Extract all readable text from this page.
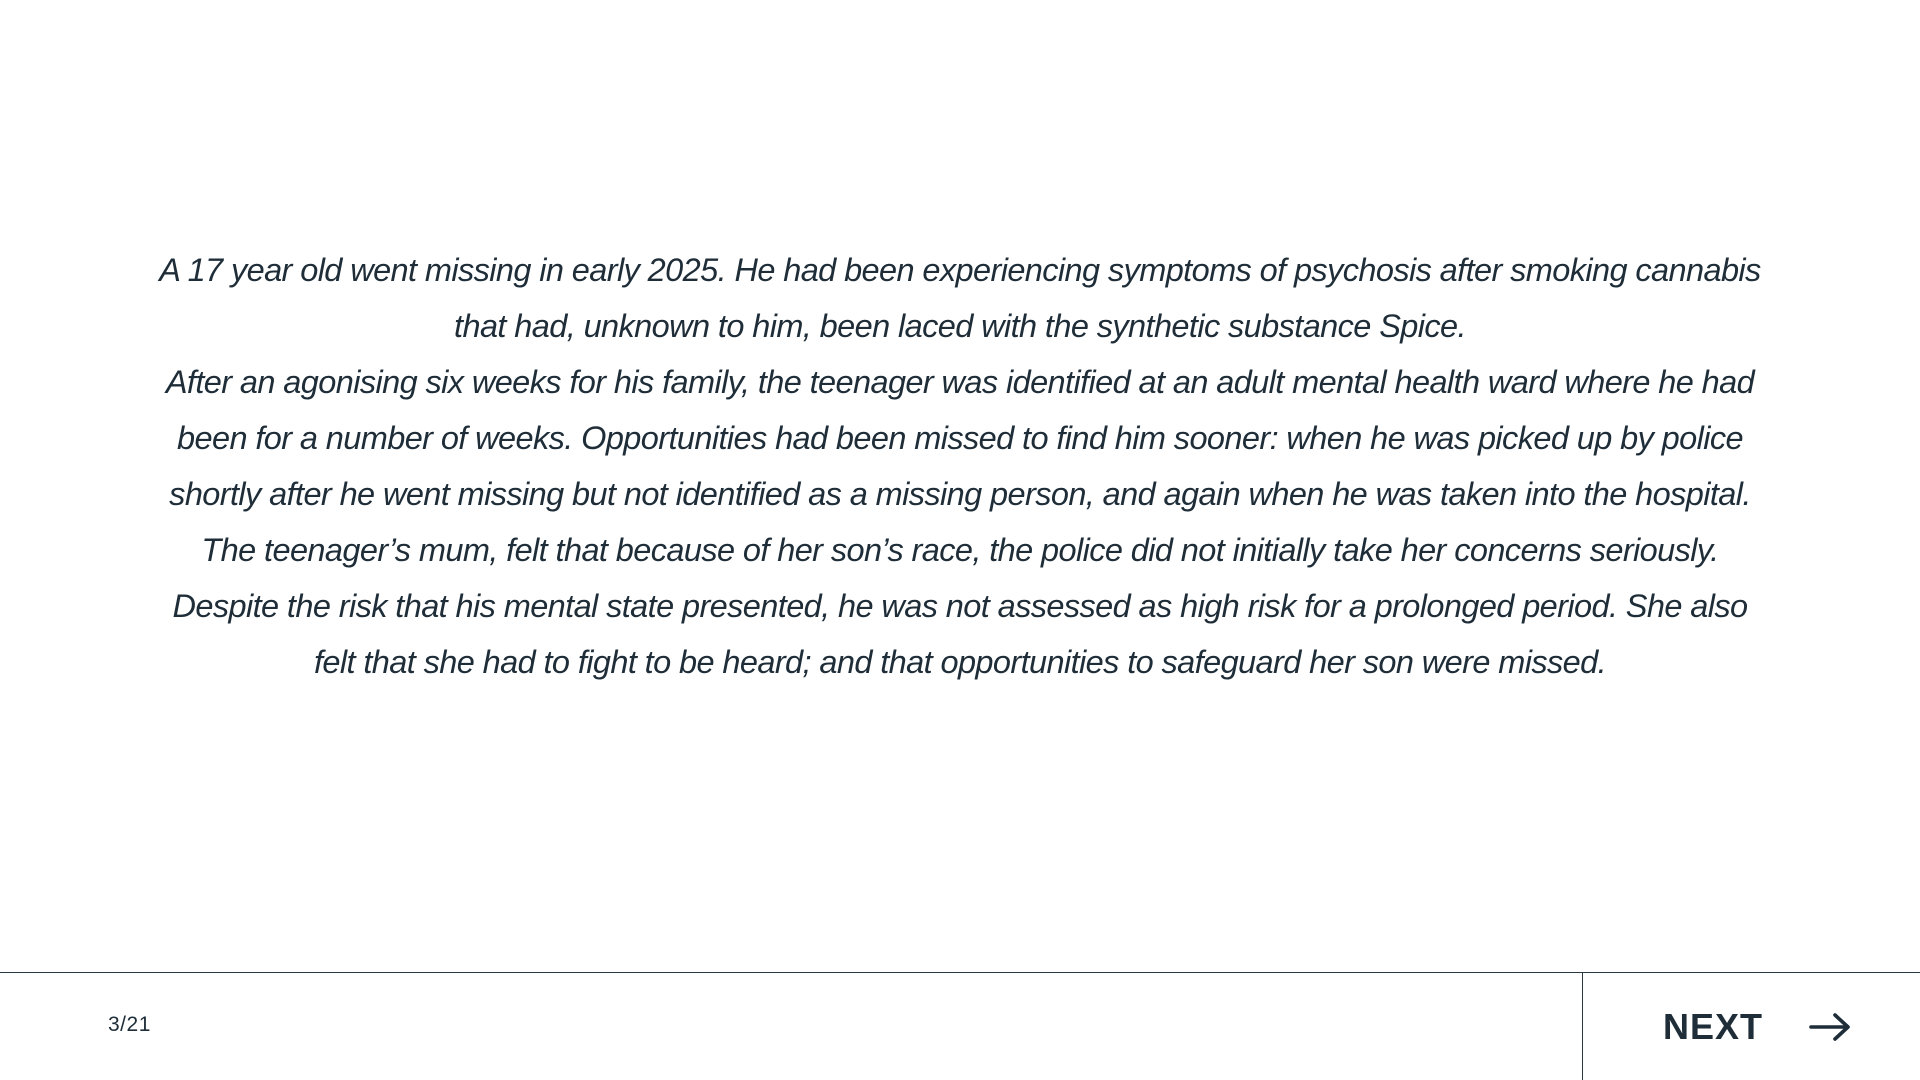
A 17 year old went missing in early 2025. He had been experiencing symptoms of psychosis after smoking cannabis that had, unknown to him, been laced with the synthetic substance Spice.

After an agonising six weeks for his family, the teenager was identified at an adult mental health ward where he had been for a number of weeks. Opportunities had been missed to find him sooner: when he was picked up by police shortly after he went missing but not identified as a missing person, and again when he was taken into the hospital.

The teenager’s mum, felt that because of her son’s race, the police did not initially take her concerns seriously. Despite the risk that his mental state presented, he was not assessed as high risk for a prolonged period. She also felt that she had to fight to be heard; and that opportunities to safeguard her son were missed.

3/21	NEXT
